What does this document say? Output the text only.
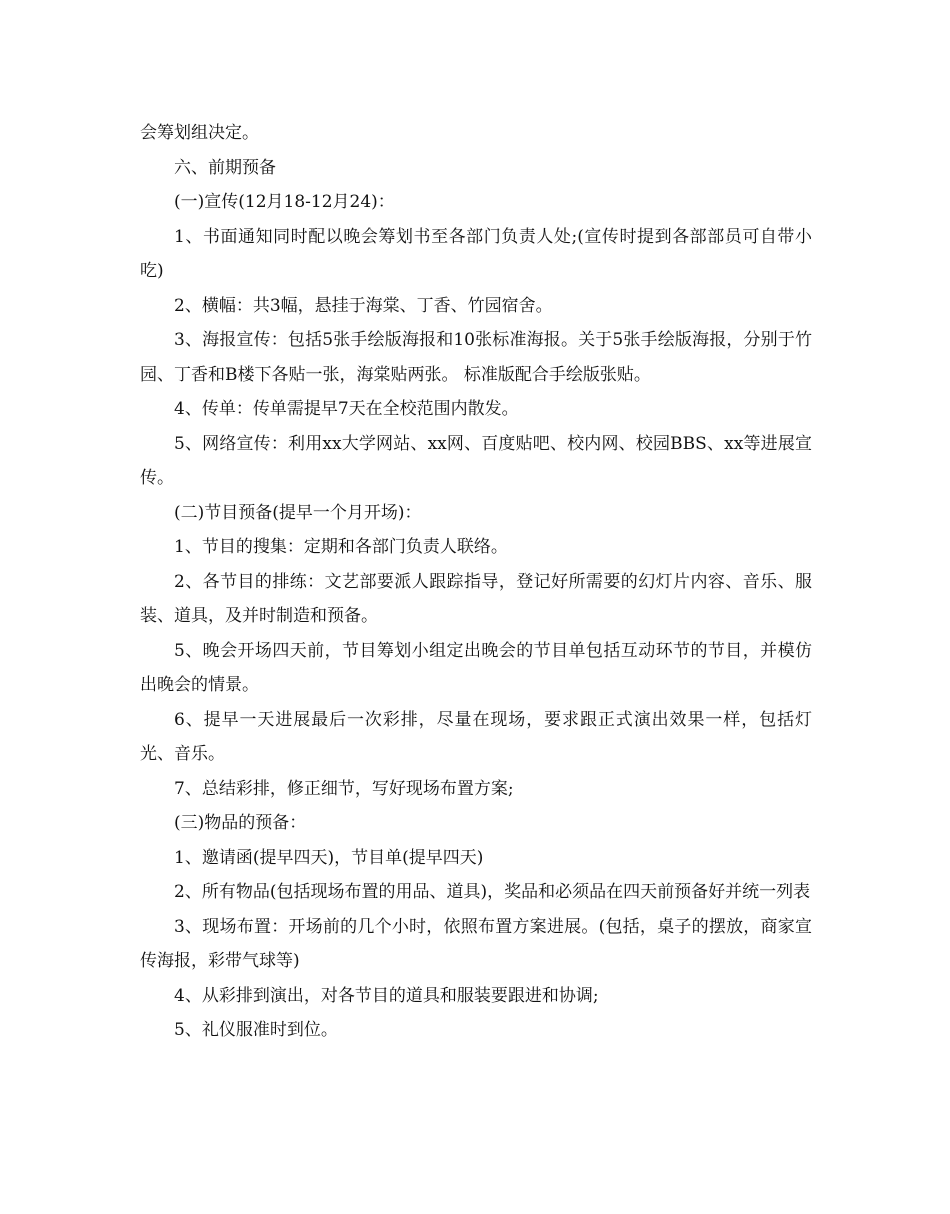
会筹划组决定。

六、前期预备

(一)宣传(12月18-12月24)：

1、书面通知同时配以晚会筹划书至各部门负责人处;(宣传时提到各部部员可自带小吃)

2、横幅：共3幅，悬挂于海棠、丁香、竹园宿舍。

3、海报宣传：包括5张手绘版海报和10张标准海报。关于5张手绘版海报，分别于竹园、丁香和B楼下各贴一张，海棠贴两张。 标准版配合手绘版张贴。

4、传单：传单需提早7天在全校范围内散发。

5、网络宣传：利用xx大学网站、xx网、百度贴吧、校内网、校园BBS、xx等进展宣传。

(二)节目预备(提早一个月开场)：

1、节目的搜集：定期和各部门负责人联络。

2、各节目的排练：文艺部要派人跟踪指导，登记好所需要的幻灯片内容、音乐、服装、道具，及并时制造和预备。

5、晚会开场四天前，节目筹划小组定出晚会的节目单包括互动环节的节目，并模仿出晚会的情景。

6、提早一天进展最后一次彩排，尽量在现场，要求跟正式演出效果一样，包括灯光、音乐。

7、总结彩排，修正细节，写好现场布置方案;

(三)物品的预备：

1、邀请函(提早四天)，节目单(提早四天)

2、所有物品(包括现场布置的用品、道具)，奖品和必须品在四天前预备好并统一列表

3、现场布置：开场前的几个小时，依照布置方案进展。(包括，桌子的摆放，商家宣传海报，彩带气球等)

4、从彩排到演出，对各节目的道具和服装要跟进和协调;

5、礼仪服准时到位。
